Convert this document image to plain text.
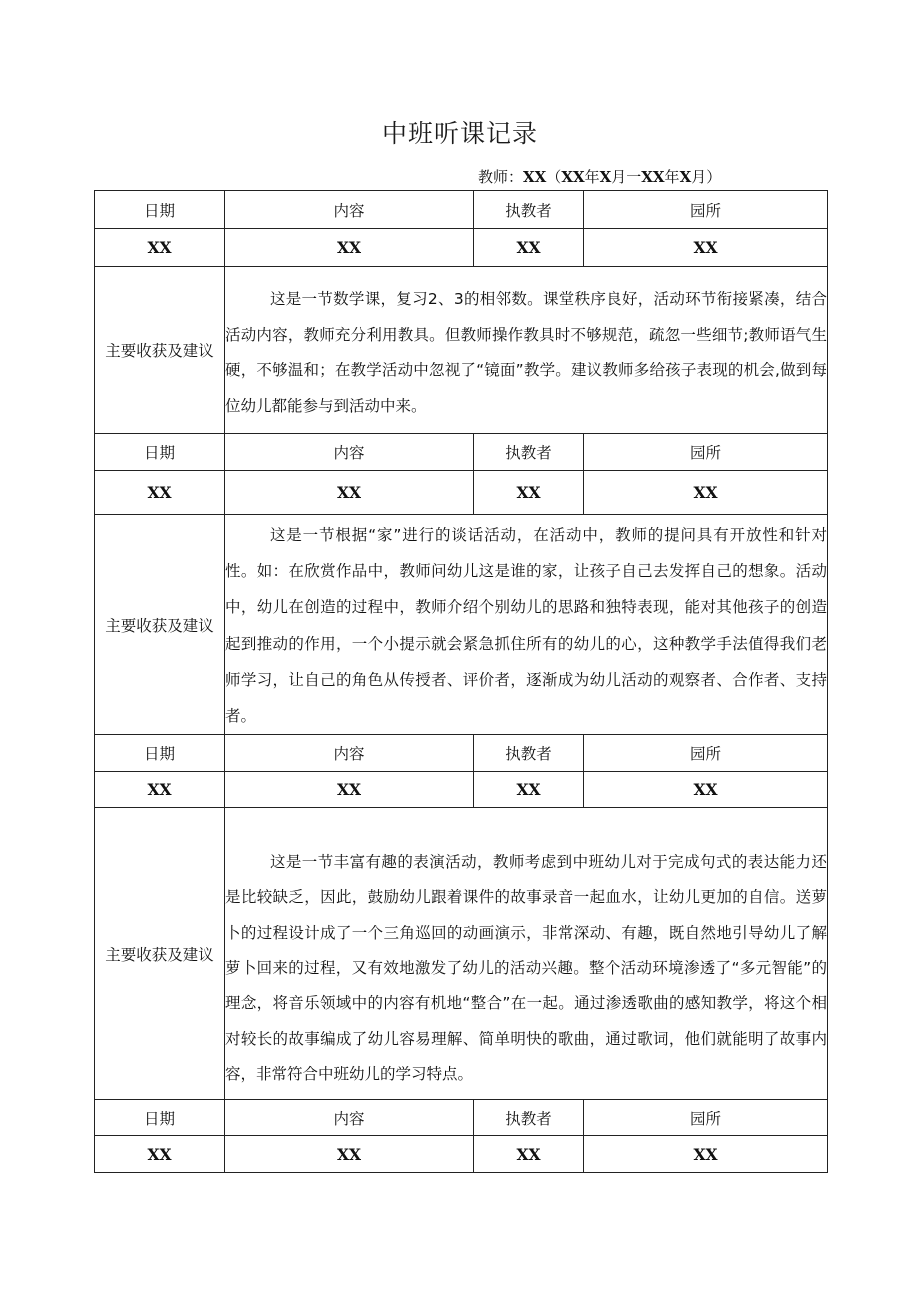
中班听课记录
教师：XX（XX年X月一XX年X月）
日期	内容	执教者	园所
XX	XX	XX	XX
主要收获及建议	这是一节数学课，复习2、3的相邻数。课堂秩序良好，活动环节衔接紧凑，结合活动内容，教师充分利用教具。但教师操作教具时不够规范，疏忽一些细节;教师语气生硬，不够温和；在教学活动中忽视了“镜面”教学。建议教师多给孩子表现的机会,做到每位幼儿都能参与到活动中来。		

日期	内容	执教者	园所
XX	XX	XX	XX
主要收获及建议	这是一节根据“家”进行的谈话活动，在活动中，教师的提问具有开放性和针对性。如：在欣赏作品中，教师问幼儿这是谁的家，让孩子自己去发挥自己的想象。活动中，幼儿在创造的过程中，教师介绍个别幼儿的思路和独特表现，能对其他孩子的创造起到推动的作用，一个小提示就会紧急抓住所有的幼儿的心，这种教学手法值得我们老师学习，让自己的角色从传授者、评价者，逐渐成为幼儿活动的观察者、合作者、支持者。		

日期	内容	执教者	园所
XX	XX	XX	XX
主要收获及建议	这是一节丰富有趣的表演活动，教师考虑到中班幼儿对于完成句式的表达能力还是比较缺乏，因此，鼓励幼儿跟着课件的故事录音一起血水，让幼儿更加的自信。送萝卜的过程设计成了一个三角巡回的动画演示，非常深动、有趣，既自然地引导幼儿了解萝卜回来的过程，又有效地激发了幼儿的活动兴趣。整个活动环境渗透了“多元智能”的理念，将音乐领域中的内容有机地“整合”在一起。通过渗透歌曲的感知教学，将这个相对较长的故事编成了幼儿容易理解、简单明快的歌曲，通过歌词，他们就能明了故事内容，非常符合中班幼儿的学习特点。		

日期	内容	执教者	园所
XX	XX	XX	XX
